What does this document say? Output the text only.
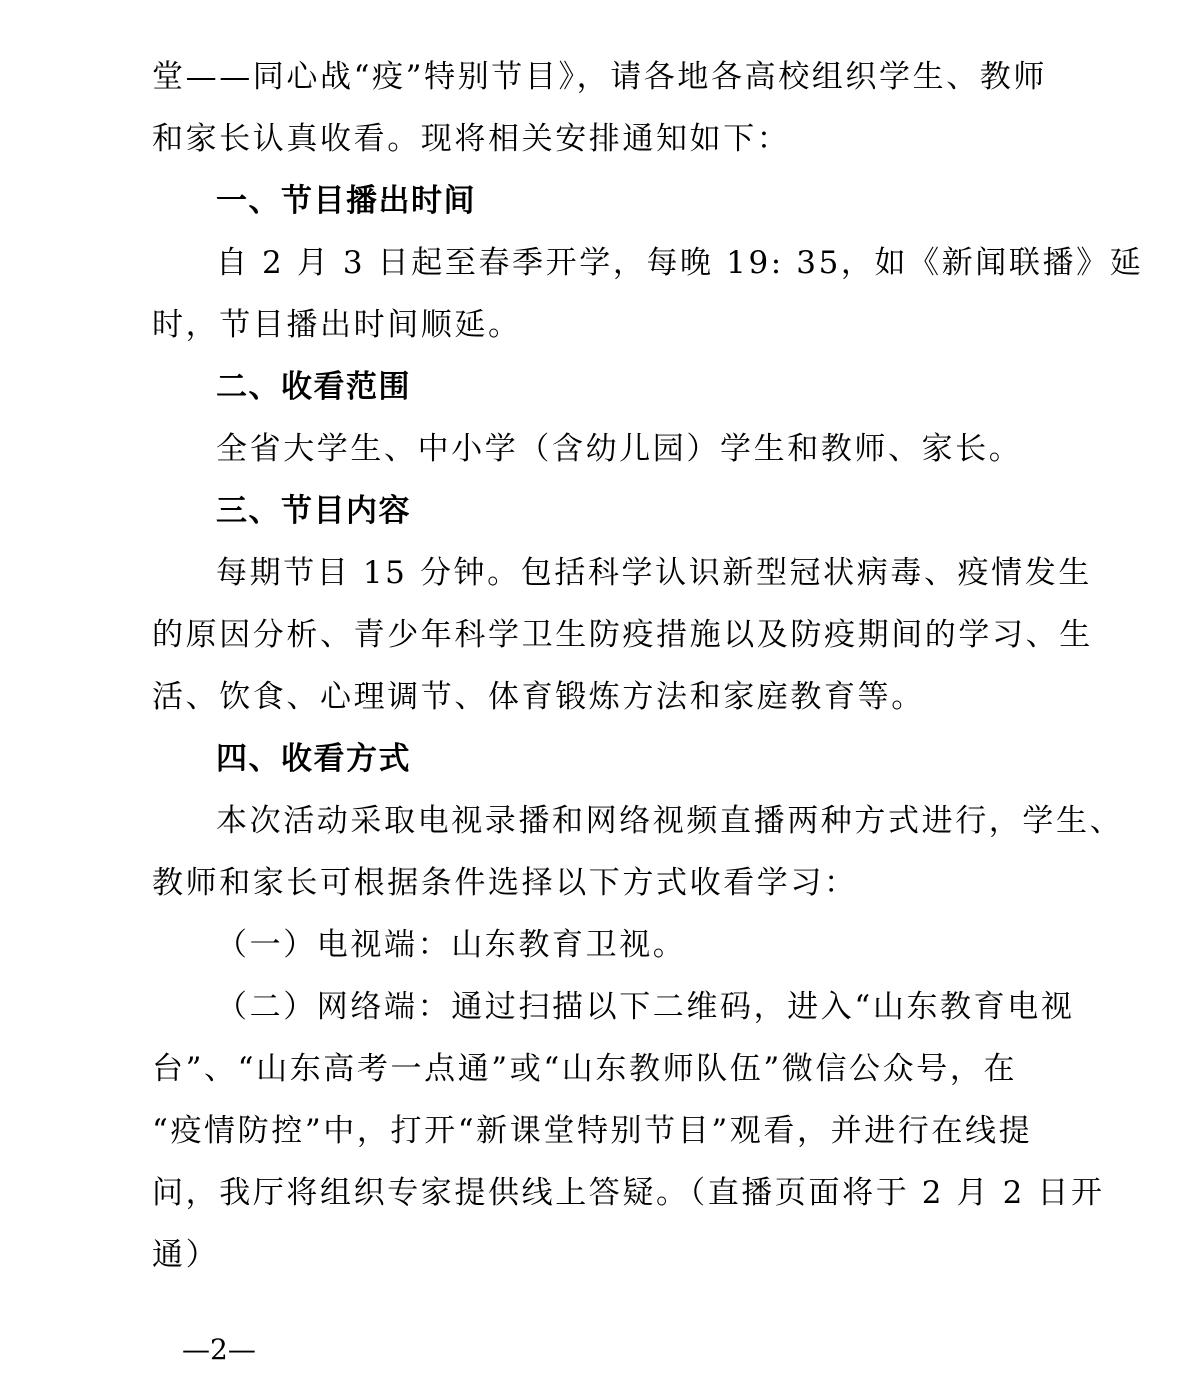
堂——同心战“疫”特别节目》，请各地各高校组织学生、教师
和家长认真收看。现将相关安排通知如下：
一、节目播出时间
自 2 月 3 日起至春季开学，每晚 19: 35，如《新闻联播》延
时，节目播出时间顺延。
二、收看范围
全省大学生、中小学（含幼儿园）学生和教师、家长。
三、节目内容
每期节目 15 分钟。包括科学认识新型冠状病毒、疫情发生
的原因分析、青少年科学卫生防疫措施以及防疫期间的学习、生
活、饮食、心理调节、体育锻炼方法和家庭教育等。
四、收看方式
本次活动采取电视录播和网络视频直播两种方式进行，学生、
教师和家长可根据条件选择以下方式收看学习：
（一）电视端：山东教育卫视。
（二）网络端：通过扫描以下二维码，进入“山东教育电视
台”、“山东高考一点通”或“山东教师队伍”微信公众号，在
“疫情防控”中，打开“新课堂特别节目”观看，并进行在线提
问，我厅将组织专家提供线上答疑。（直播页面将于 2 月 2 日开
通）
—2—
